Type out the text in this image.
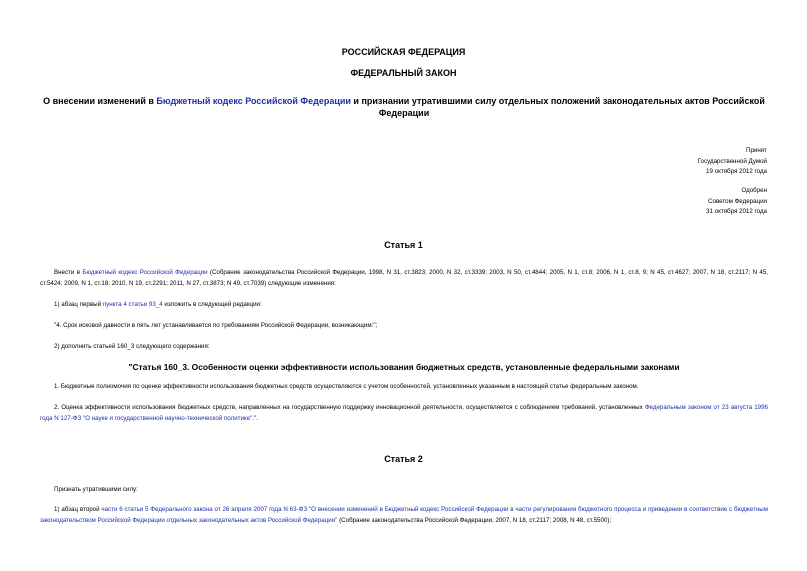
РОССИЙСКАЯ ФЕДЕРАЦИЯ
ФЕДЕРАЛЬНЫЙ ЗАКОН
О внесении изменений в Бюджетный кодекс Российской Федерации и признании утратившими силу отдельных положений законодательных актов Российской Федерации
Принят
Государственной Думой
19 октября 2012 года
Одобрен
Советом Федерации
31 октября 2012 года
Статья 1
Внести в Бюджетный кодекс Российской Федерации (Собрание законодательства Российской Федерации, 1998, N 31, ст.3823; 2000, N 32, ст.3339; 2003, N 50, ст.4844; 2005, N 1, ст.8; 2006, N 1, ст.8, 9; N 45, ст.4627; 2007, N 18, ст.2117; N 45, ст.5424; 2009, N 1, ст.18; 2010, N 19, ст.2291; 2011, N 27, ст.3873; N 49, ст.7039) следующие изменения:
1) абзац первый пункта 4 статьи 93_4 изложить в следующей редакции:
"4. Срок исковой давности в пять лет устанавливается по требованиям Российской Федерации, возникающим:";
2) дополнить статьей 160_3 следующего содержания:
"Статья 160_3. Особенности оценки эффективности использования бюджетных средств, установленные федеральными законами
1. Бюджетные полномочия по оценке эффективности использования бюджетных средств осуществляются с учетом особенностей, установленных указанным в настоящей статье федеральным законом.
2. Оценка эффективности использования бюджетных средств, направленных на государственную поддержку инновационной деятельности, осуществляется с соблюдением требований, установленных Федеральным законом от 23 августа 1996 года N 127-ФЗ "О науке и государственной научно-технической политике".".
Статья 2
Признать утратившими силу:
1) абзац второй части 6 статьи 5 Федерального закона от 26 апреля 2007 года N 63-ФЗ "О внесении изменений в Бюджетный кодекс Российской Федерации в части регулирования бюджетного процесса и приведении в соответствие с бюджетным законодательством Российской Федерации отдельных законодательных актов Российской Федерации" (Собрание законодательства Российской Федерации, 2007, N 18, ст.2117; 2008, N 48, ст.5500);
